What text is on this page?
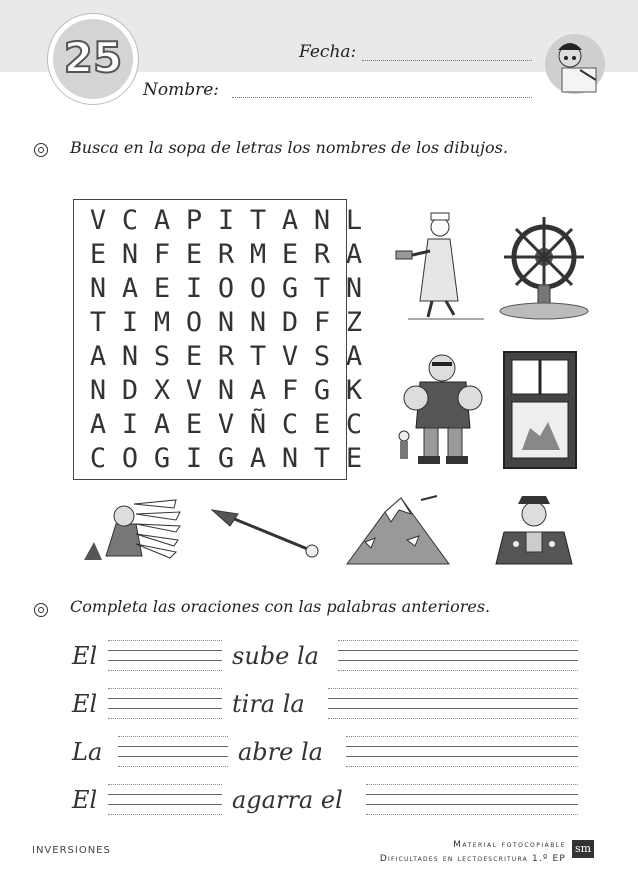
25	Fecha:
Nombre:
Busca en la sopa de letras los nombres de los dibujos.
V C A P I T A N L
E N F E R M E R A
N A E I O O G T N
T I M O N N D F Z
A N S E R T V S A
N D X V N A F G K
A I A E V Ñ C E C
C O G I G A N T E
Completa las oraciones con las palabras anteriores.
El	sube la
El	tira la
La	abre la
El	agarra el
INVERSIONES	Material fotocopiable
Dificultades en lectoescritura 1.º EP
sm
